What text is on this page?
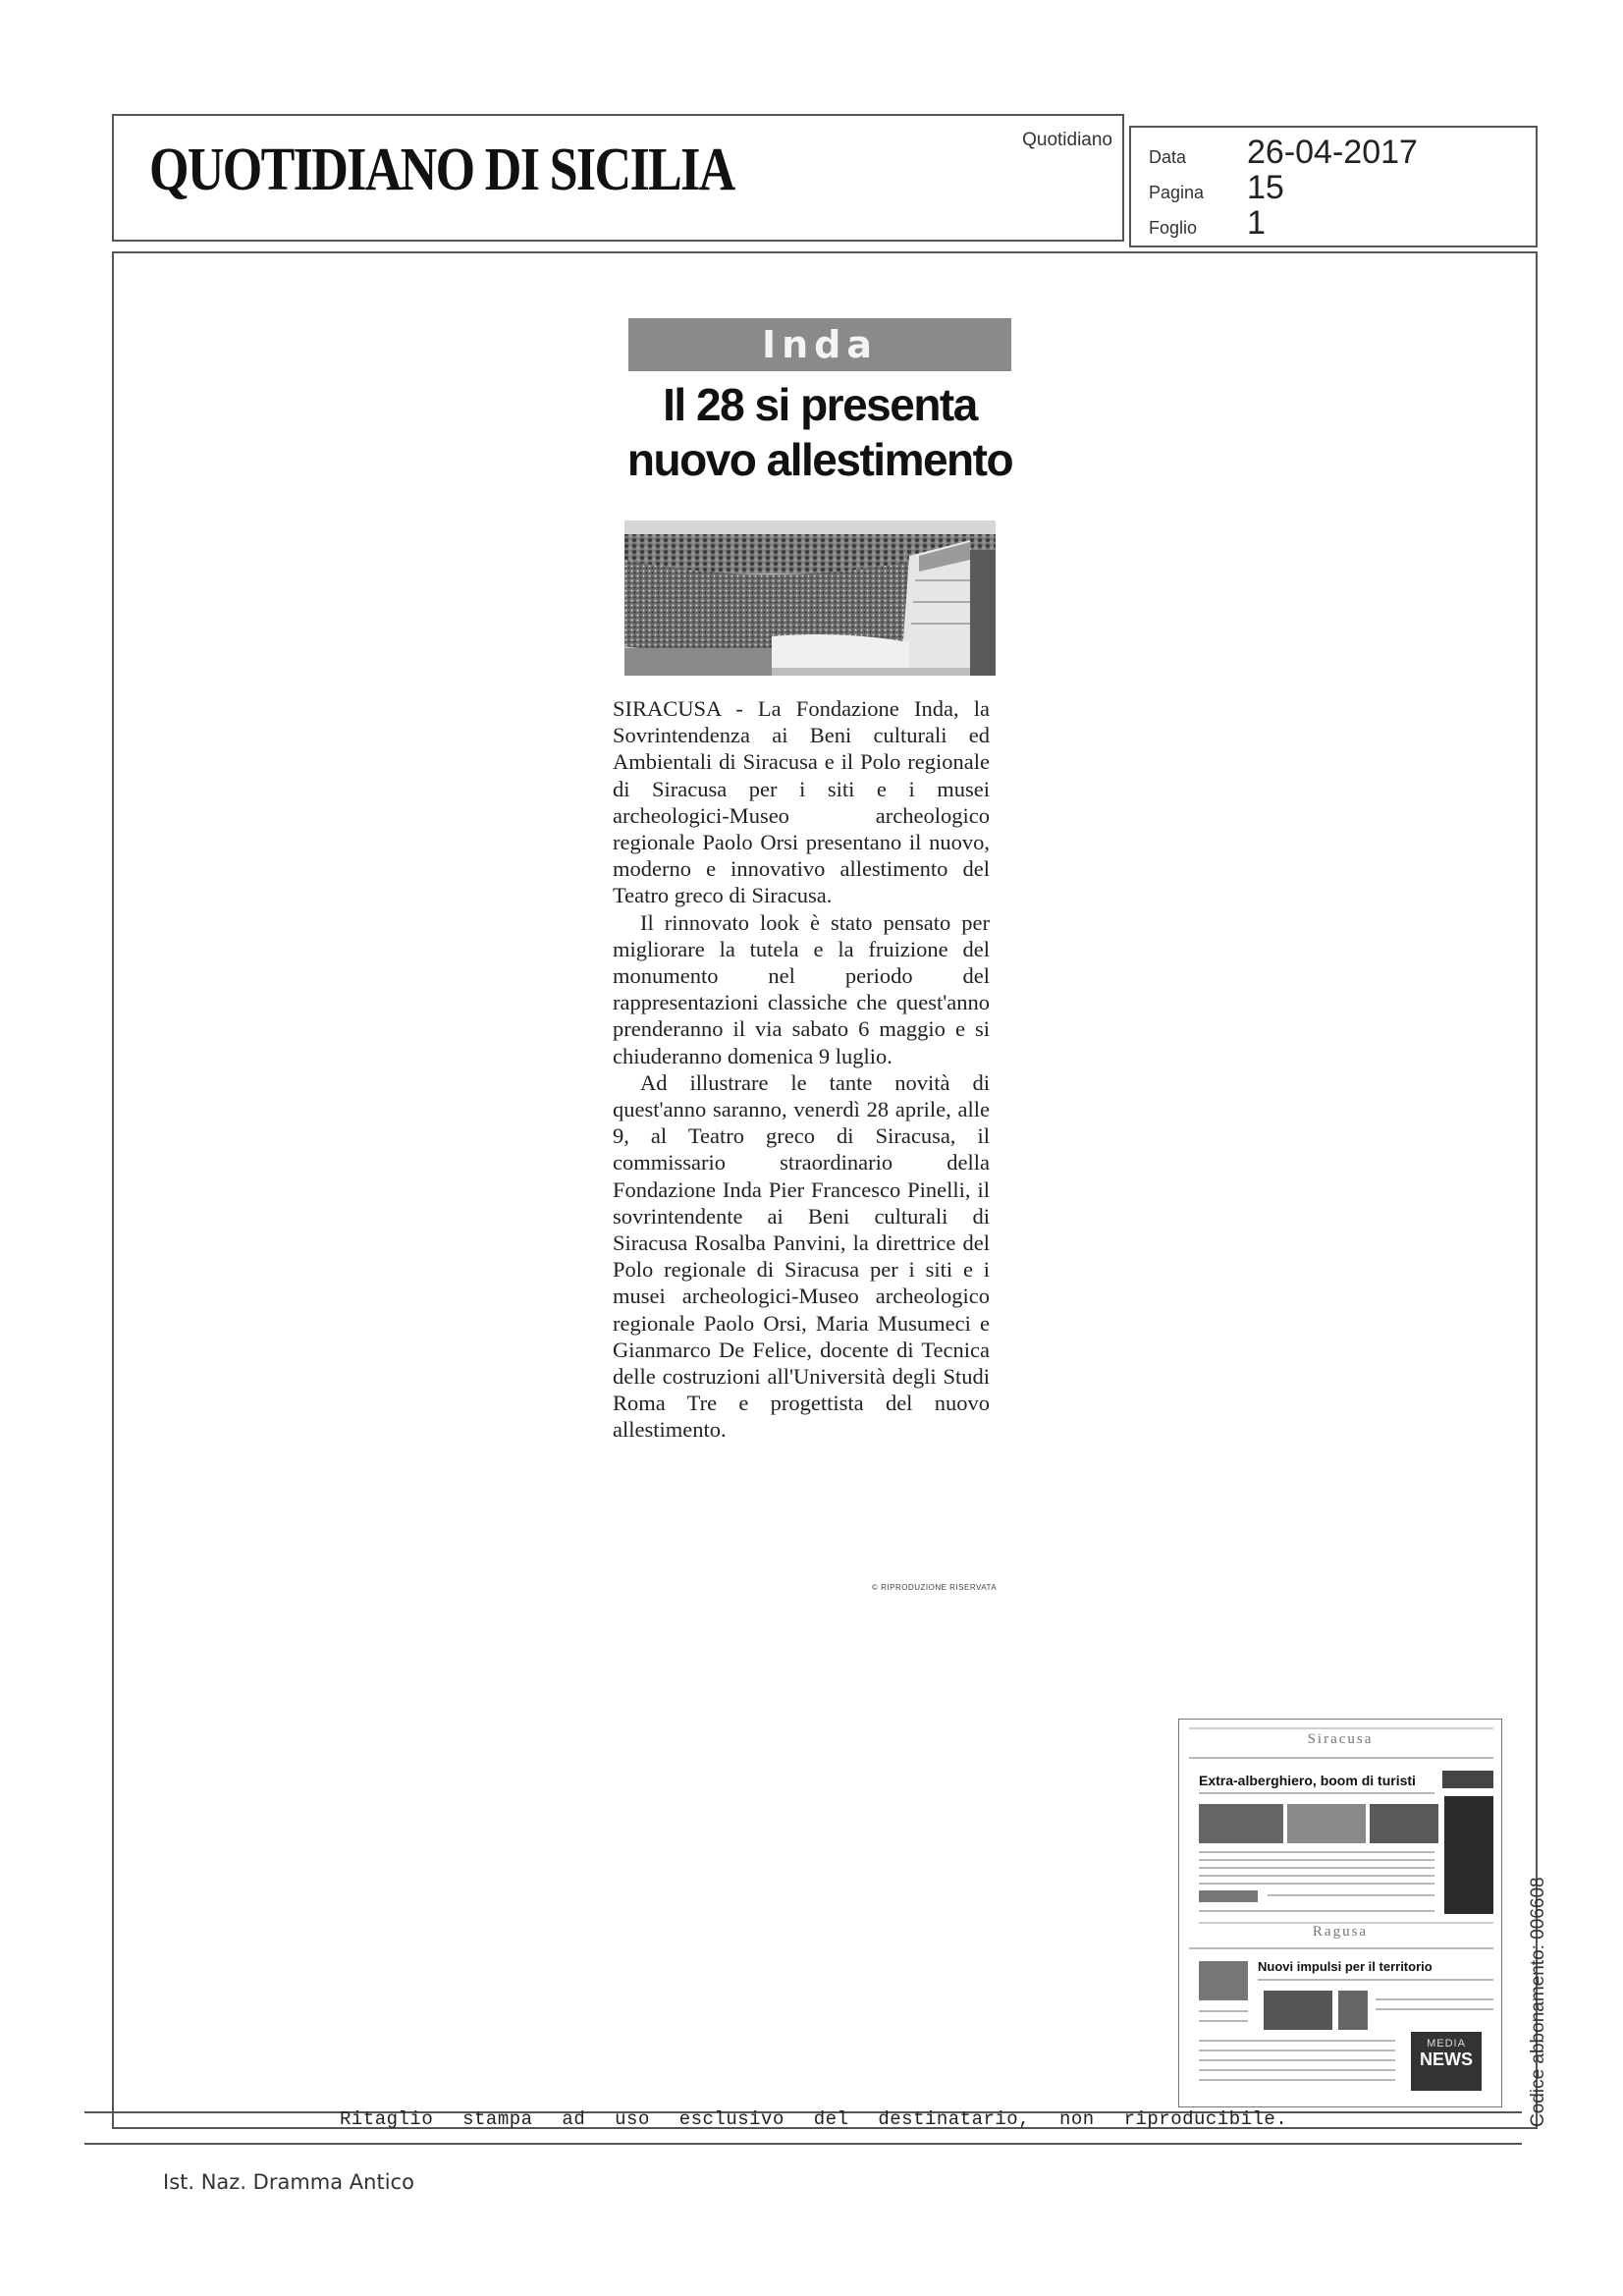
QUOTIDIANO DI SICILIA	Quotidiano
Data	26-04-2017
Pagina	15
Foglio	1
Inda
Il 28 si presenta
nuovo allestimento

SIRACUSA - La Fondazione Inda, la Sovrintendenza ai Beni culturali ed Ambientali di Siracusa e il Polo regionale di Siracusa per i siti e i musei archeologici-Museo archeologico regionale Paolo Orsi presentano il nuovo, moderno e innovativo allestimento del Teatro greco di Siracusa.

Il rinnovato look è stato pensato per migliorare la tutela e la fruizione del monumento nel periodo del rappresentazioni classiche che quest'anno prenderanno il via sabato 6 maggio e si chiuderanno domenica 9 luglio.

Ad illustrare le tante novità di quest'anno saranno, venerdì 28 aprile, alle 9, al Teatro greco di Siracusa, il commissario straordinario della Fondazione Inda Pier Francesco Pinelli, il sovrintendente ai Beni culturali di Siracusa Rosalba Panvini, la direttrice del Polo regionale di Siracusa per i siti e i musei archeologici-Museo archeologico regionale Paolo Orsi, Maria Musumeci e Gianmarco De Felice, docente di Tecnica delle costruzioni all'Università degli Studi Roma Tre e progettista del nuovo allestimento.

© RIPRODUZIONE RISERVATA
Siracusa
Extra-alberghiero, boom di turisti
Ragusa
Nuovi impulsi per il territorio
MEDIA
NEWS
Ritaglio stampa ad uso esclusivo del destinatario, non riproducibile.	Codice abbonamento: 006608
Ist. Naz. Dramma Antico
